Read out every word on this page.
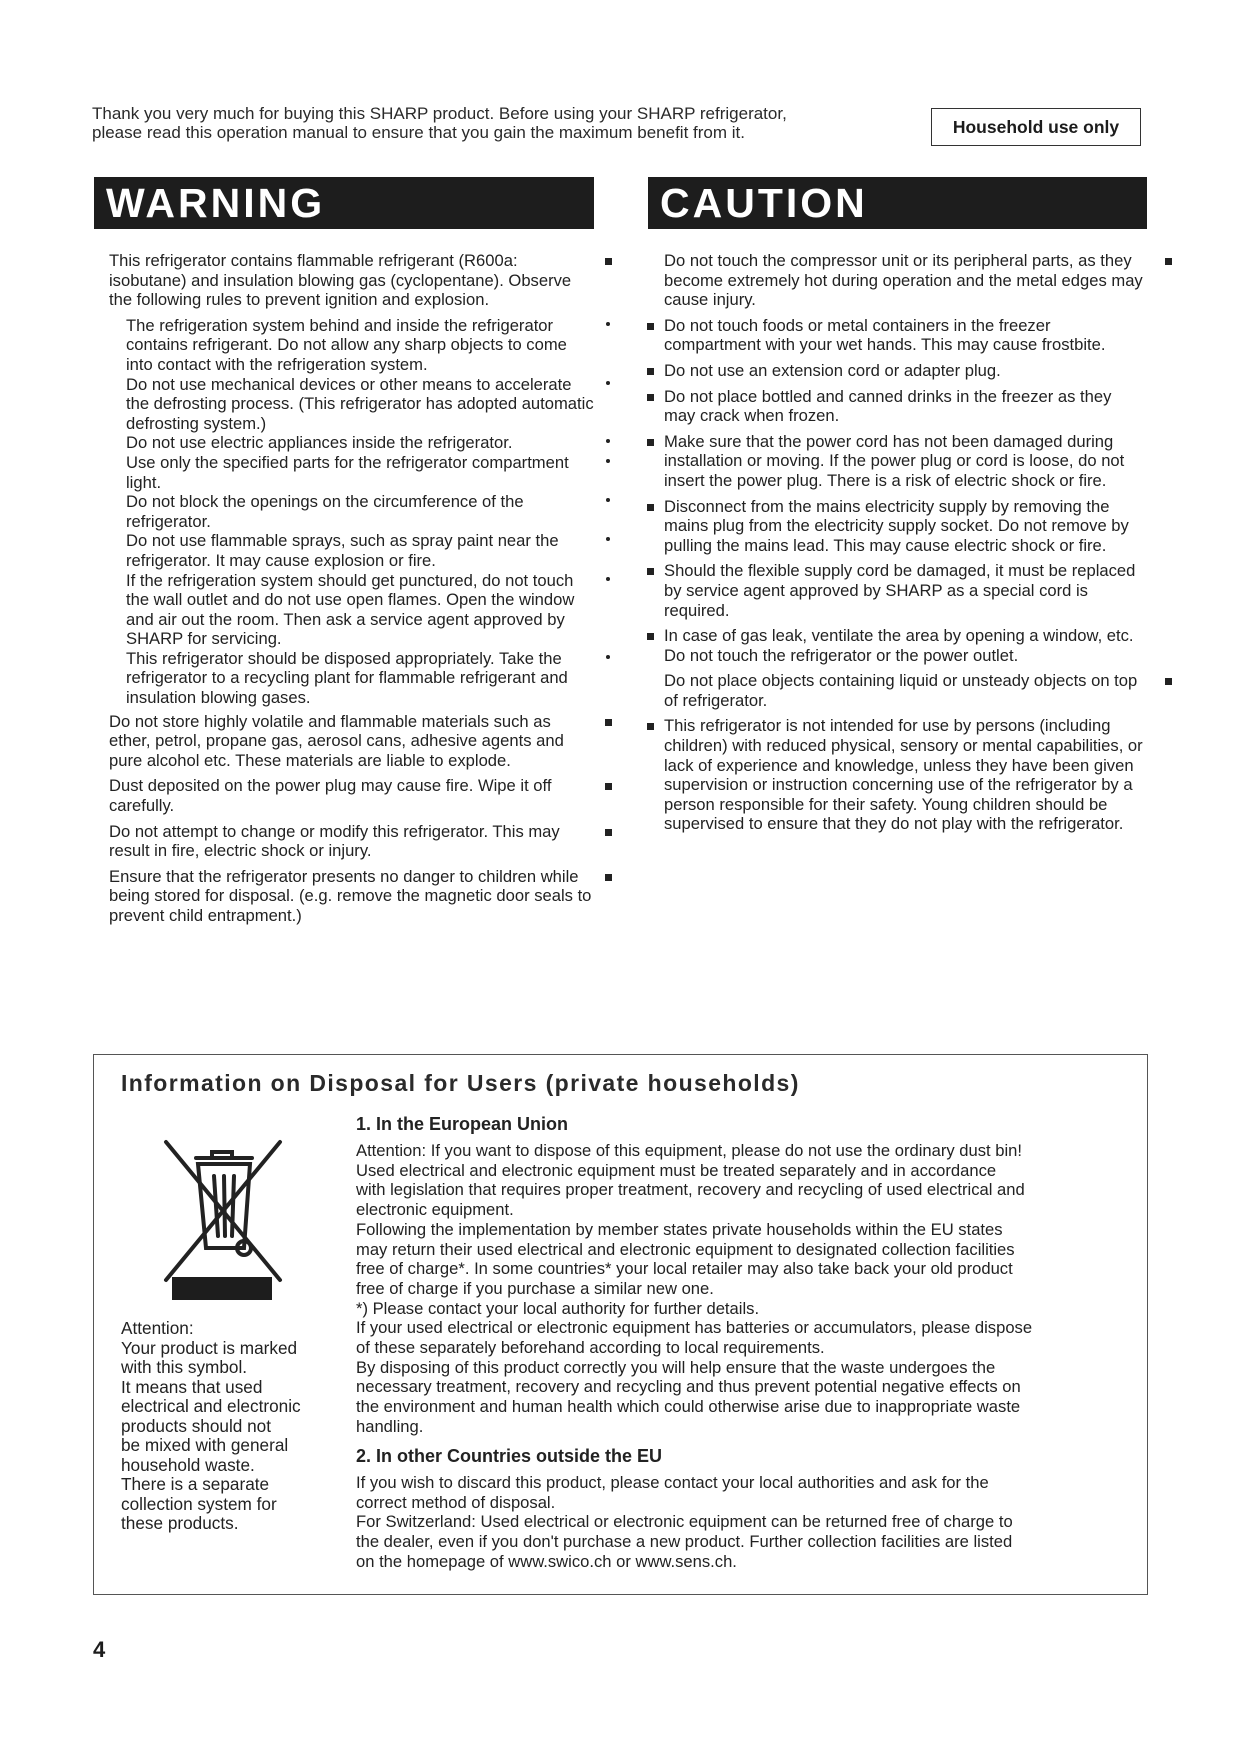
Thank you very much for buying this SHARP product. Before using your SHARP refrigerator,
please read this operation manual to ensure that you gain the maximum benefit from it.	Household use only
WARNING	CAUTION
This refrigerator contains flammable refrigerant (R600a: isobutane) and insulation blowing gas (cyclopentane). Observe the following rules to prevent ignition and explosion.
The refrigeration system behind and inside the refrigerator contains refrigerant. Do not allow any sharp objects to come into contact with the refrigeration system.
Do not use mechanical devices or other means to accelerate the defrosting process. (This refrigerator has adopted automatic defrosting system.)
Do not use electric appliances inside the refrigerator.
Use only the specified parts for the refrigerator compartment light.
Do not block the openings on the circumference of the refrigerator.
Do not use flammable sprays, such as spray paint near the refrigerator. It may cause explosion or fire.
If the refrigeration system should get punctured, do not touch the wall outlet and do not use open flames. Open the window and air out the room. Then ask a service agent approved by SHARP for servicing.
This refrigerator should be disposed appropriately. Take the refrigerator to a recycling plant for flammable refrigerant and insulation blowing gases.
Do not store highly volatile and flammable materials such as ether, petrol, propane gas, aerosol cans, adhesive agents and pure alcohol etc. These materials are liable to explode.
Dust deposited on the power plug may cause fire. Wipe it off carefully.
Do not attempt to change or modify this refrigerator. This may result in fire, electric shock or injury.
Ensure that the refrigerator presents no danger to children while being stored for disposal. (e.g. remove the magnetic door seals to prevent child entrapment.)
Do not touch the compressor unit or its peripheral parts, as they become extremely hot during operation and the metal edges may cause injury.
Do not touch foods or metal containers in the freezer compartment with your wet hands. This may cause frostbite.
Do not use an extension cord or adapter plug.
Do not place bottled and canned drinks in the freezer as they may crack when frozen.
Make sure that the power cord has not been damaged during installation or moving. If the power plug or cord is loose, do not insert the power plug. There is a risk of electric shock or fire.
Disconnect from the mains electricity supply by removing the mains plug from the electricity supply socket. Do not remove by pulling the mains lead. This may cause electric shock or fire.
Should the flexible supply cord be damaged, it must be replaced by service agent approved by SHARP as a special cord is required.
In case of gas leak, ventilate the area by opening a window, etc. Do not touch the refrigerator or the power outlet.
Do not place objects containing liquid or unsteady objects on top of refrigerator.
This refrigerator is not intended for use by persons (including children) with reduced physical, sensory or mental capabilities, or lack of experience and knowledge, unless they have been given supervision or instruction concerning use of the refrigerator by a person responsible for their safety. Young children should be supervised to ensure that they do not play with the refrigerator.
Information on Disposal for Users (private households)
Attention:
Your product is marked
with this symbol.
It means that used
electrical and electronic
products should not
be mixed with general
household waste.
There is a separate
collection system for
these products.
1. In the European Union
Attention: If you want to dispose of this equipment, please do not use the ordinary dust bin!
Used electrical and electronic equipment must be treated separately and in accordance
with legislation that requires proper treatment, recovery and recycling of used electrical and
electronic equipment.
Following the implementation by member states private households within the EU states
may return their used electrical and electronic equipment to designated collection facilities
free of charge*. In some countries* your local retailer may also take back your old product
free of charge if you purchase a similar new one.
*) Please contact your local authority for further details.
If your used electrical or electronic equipment has batteries or accumulators, please dispose
of these separately beforehand according to local requirements.
By disposing of this product correctly you will help ensure that the waste undergoes the
necessary treatment, recovery and recycling and thus prevent potential negative effects on
the environment and human health which could otherwise arise due to inappropriate waste
handling.
2. In other Countries outside the EU
If you wish to discard this product, please contact your local authorities and ask for the
correct method of disposal.
For Switzerland: Used electrical or electronic equipment can be returned free of charge to
the dealer, even if you don't purchase a new product. Further collection facilities are listed
on the homepage of www.swico.ch or www.sens.ch.
4
